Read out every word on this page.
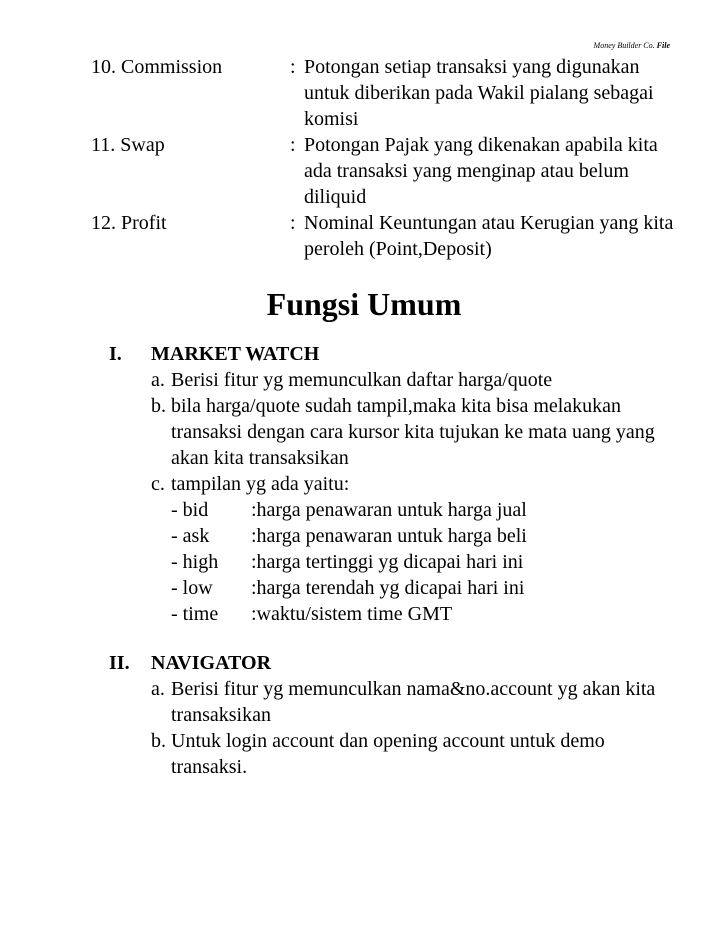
Money Builder Co. File
10. Commission	: Potongan setiap transaksi yang digunakan untuk diberikan pada Wakil pialang sebagai komisi
11. Swap	: Potongan Pajak yang dikenakan apabila kita ada transaksi yang menginap atau belum diliquid
12. Profit	: Nominal Keuntungan atau Kerugian yang kita peroleh (Point,Deposit)
Fungsi Umum
I.	MARKET WATCH
a. Berisi fitur yg memunculkan daftar harga/quote
b. bila harga/quote sudah tampil,maka kita bisa melakukan transaksi dengan cara kursor kita tujukan ke mata uang yang akan kita transaksikan
c. tampilan yg ada yaitu:
- bid	:harga penawaran untuk harga jual
- ask	:harga penawaran untuk harga beli
- high	:harga tertinggi yg dicapai hari ini
- low	:harga terendah yg dicapai hari ini
- time	:waktu/sistem time GMT
II.	NAVIGATOR
a. Berisi fitur yg memunculkan nama&no.account yg akan kita transaksikan
b. Untuk login account dan opening account untuk demo transaksi.
